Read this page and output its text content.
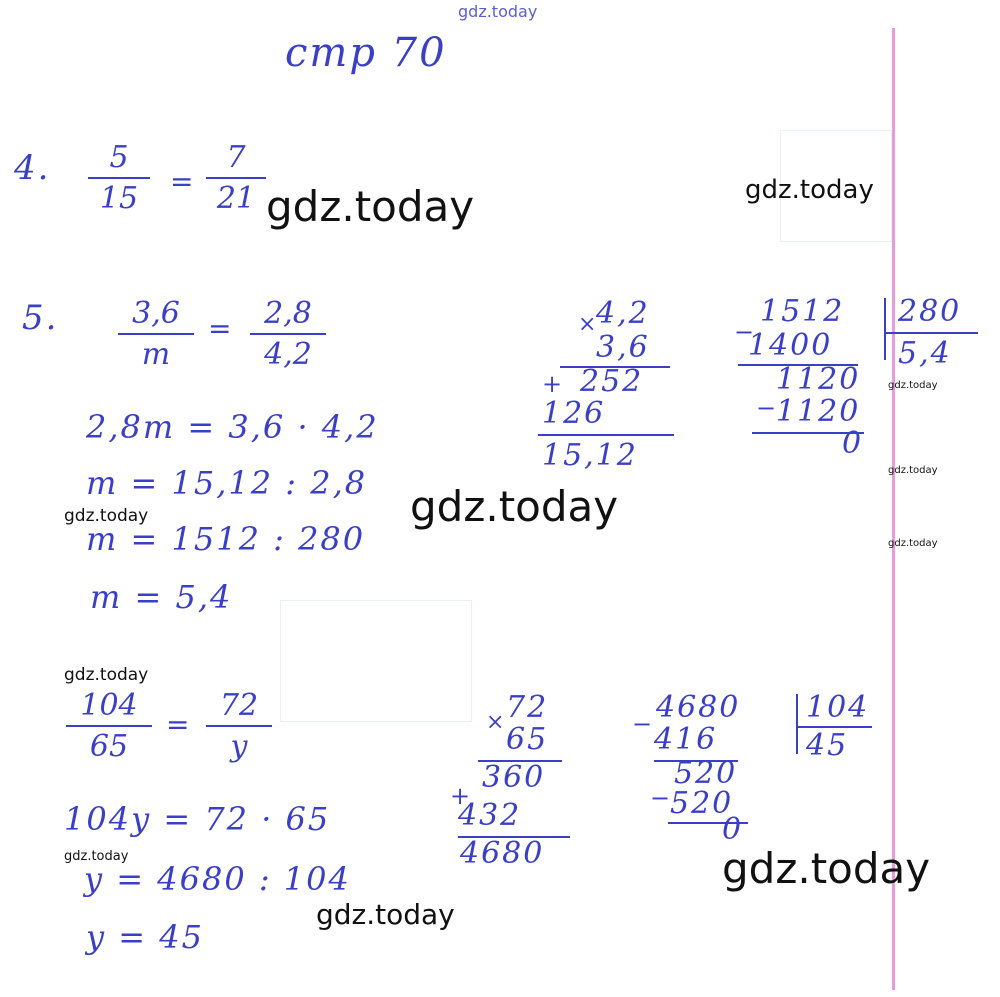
gdz.today
стр 70
4.	5
15	=
7
21 gdz.today	gdz.today
5.	3,6
m
=	2,8
4,2
2,8m = 3,6 · 4,2
m = 15,12 : 2,8
m = 1512 : 280
m = 5,4
gdz.today	gdz.today
×
4,2
3,6
+ 252
126
15,12
−
1512
1400
280
5,4
1120
−
1120
0
gdz.today
gdz.today
gdz.today
gdz.today
104
65
=
72
y
104y = 72 · 65
gdz.today
y = 4680 : 104
y = 45
gdz.today
× 72
65
360
+
432
4680
− 4680
416
104
45
520
−
520
0
gdz.today
